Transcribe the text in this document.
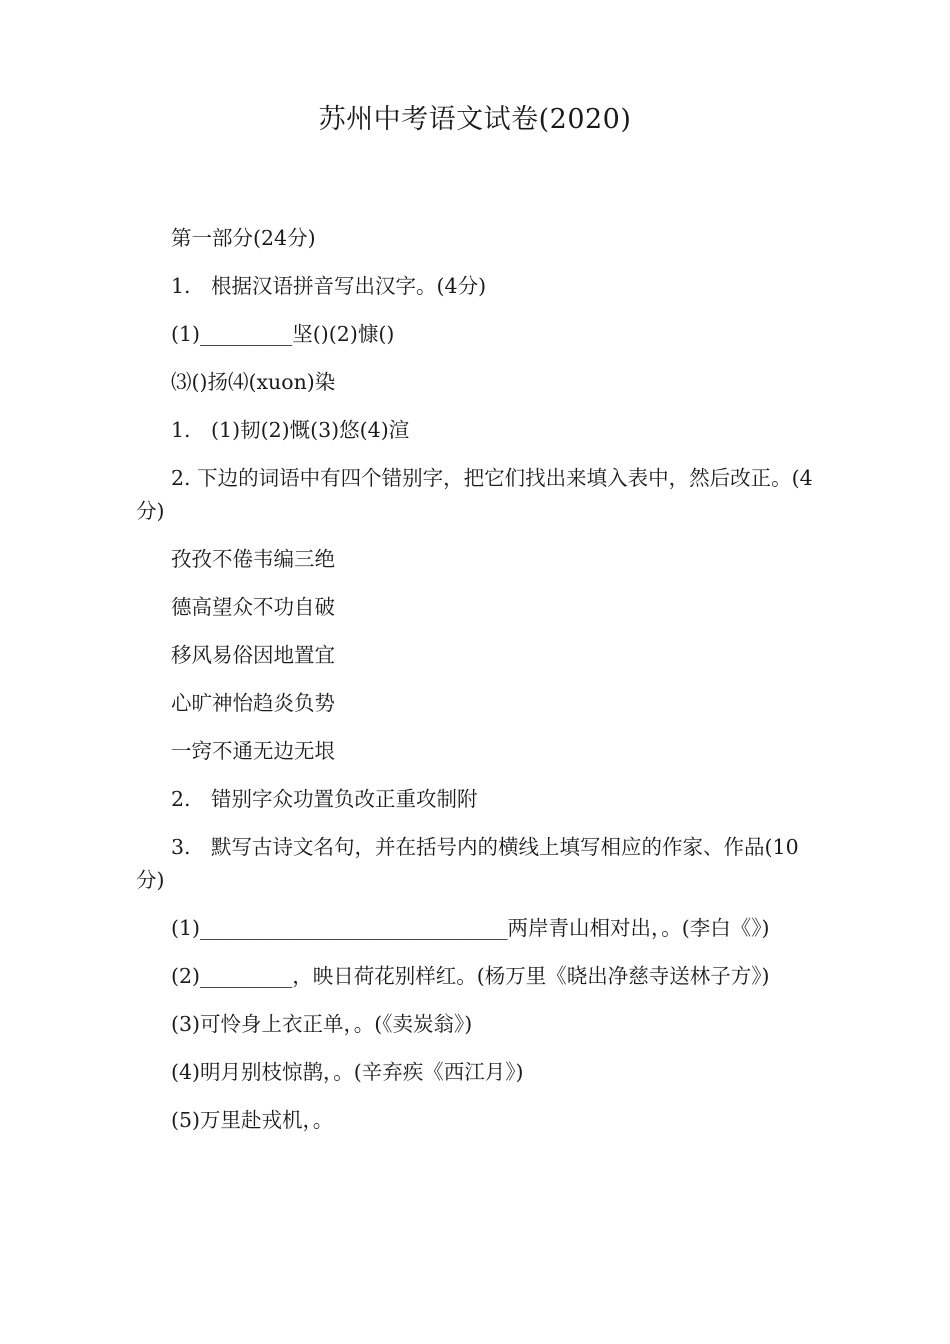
苏州中考语文试卷(2020)

第一部分(24分)

1.　根据汉语拼音写出汉字。(4分)

(1)_________坚()(2)慷()

⑶()扬⑷(xuon)染

1.　(1)韧(2)慨(3)悠(4)渲

2. 下边的词语中有四个错别字，把它们找出来填入表中，然后改正。(4分)

孜孜不倦韦编三绝

德高望众不功自破

移风易俗因地置宜

心旷神怡趋炎负势

一窍不通无边无垠

2.　错别字众功置负改正重攻制附

3.　默写古诗文名句，并在括号内的横线上填写相应的作家、作品(10分)

(1)______________________________两岸青山相对出，。(李白《》)

(2)_________，映日荷花别样红。(杨万里《晓出净慈寺送林子方》)

(3)可怜身上衣正单，。(《卖炭翁》)

(4)明月别枝惊鹊，。(辛弃疾《西江月》)

(5)万里赴戎机，。
